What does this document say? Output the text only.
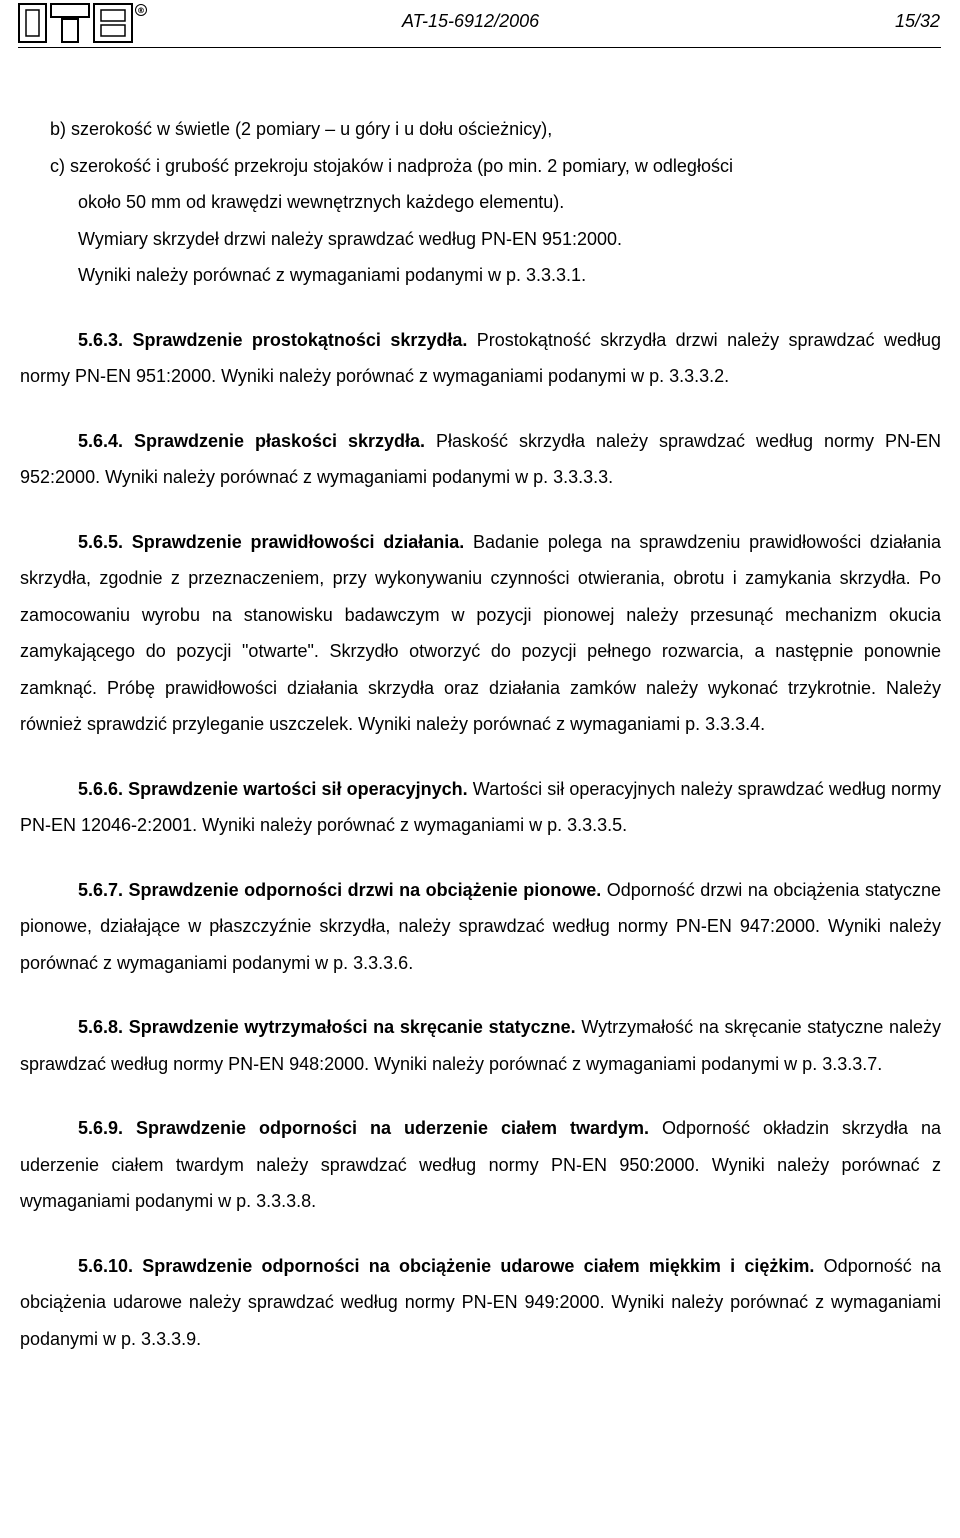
®
AT-15-6912/2006	15/32

b) szerokość w świetle (2 pomiary – u góry i u dołu ościeżnicy),

c) szerokość i grubość przekroju stojaków i nadproża (po min. 2 pomiary, w odległości
około 50 mm od krawędzi wewnętrznych każdego elementu).

Wymiary skrzydeł drzwi należy sprawdzać według PN-EN 951:2000.

Wyniki należy porównać z wymaganiami podanymi w p. 3.3.3.1.

5.6.3. Sprawdzenie prostokątności skrzydła. Prostokątność skrzydła drzwi należy sprawdzać według normy PN-EN 951:2000. Wyniki należy porównać z wymaganiami podanymi w p. 3.3.3.2.

5.6.4. Sprawdzenie płaskości skrzydła. Płaskość skrzydła należy sprawdzać według normy PN-EN 952:2000. Wyniki należy porównać z wymaganiami podanymi w p. 3.3.3.3.

5.6.5. Sprawdzenie prawidłowości działania. Badanie polega na sprawdzeniu prawidłowości działania skrzydła, zgodnie z przeznaczeniem, przy wykonywaniu czynności otwierania, obrotu i zamykania skrzydła. Po zamocowaniu wyrobu na stanowisku badawczym w pozycji pionowej należy przesunąć mechanizm okucia zamykającego do pozycji "otwarte". Skrzydło otworzyć do pozycji pełnego rozwarcia, a następnie ponownie zamknąć. Próbę prawidłowości działania skrzydła oraz działania zamków należy wykonać trzykrotnie. Należy również sprawdzić przyleganie uszczelek. Wyniki należy porównać z wymaganiami p. 3.3.3.4.

5.6.6. Sprawdzenie wartości sił operacyjnych. Wartości sił operacyjnych należy sprawdzać według normy PN-EN 12046-2:2001. Wyniki należy porównać z wymaganiami w p. 3.3.3.5.

5.6.7. Sprawdzenie odporności drzwi na obciążenie pionowe. Odporność drzwi na obciążenia statyczne pionowe, działające w płaszczyźnie skrzydła, należy sprawdzać według normy PN-EN 947:2000. Wyniki należy porównać z wymaganiami podanymi w p. 3.3.3.6.

5.6.8. Sprawdzenie wytrzymałości na skręcanie statyczne. Wytrzymałość na skręcanie statyczne należy sprawdzać według normy PN-EN 948:2000. Wyniki należy porównać z wymaganiami podanymi w p. 3.3.3.7.

5.6.9. Sprawdzenie odporności na uderzenie ciałem twardym. Odporność okładzin skrzydła na uderzenie ciałem twardym należy sprawdzać według normy PN-EN 950:2000. Wyniki należy porównać z wymaganiami podanymi w p. 3.3.3.8.

5.6.10. Sprawdzenie odporności na obciążenie udarowe ciałem miękkim i ciężkim. Odporność na obciążenia udarowe należy sprawdzać według normy PN-EN 949:2000. Wyniki należy porównać z wymaganiami podanymi w p. 3.3.3.9.
